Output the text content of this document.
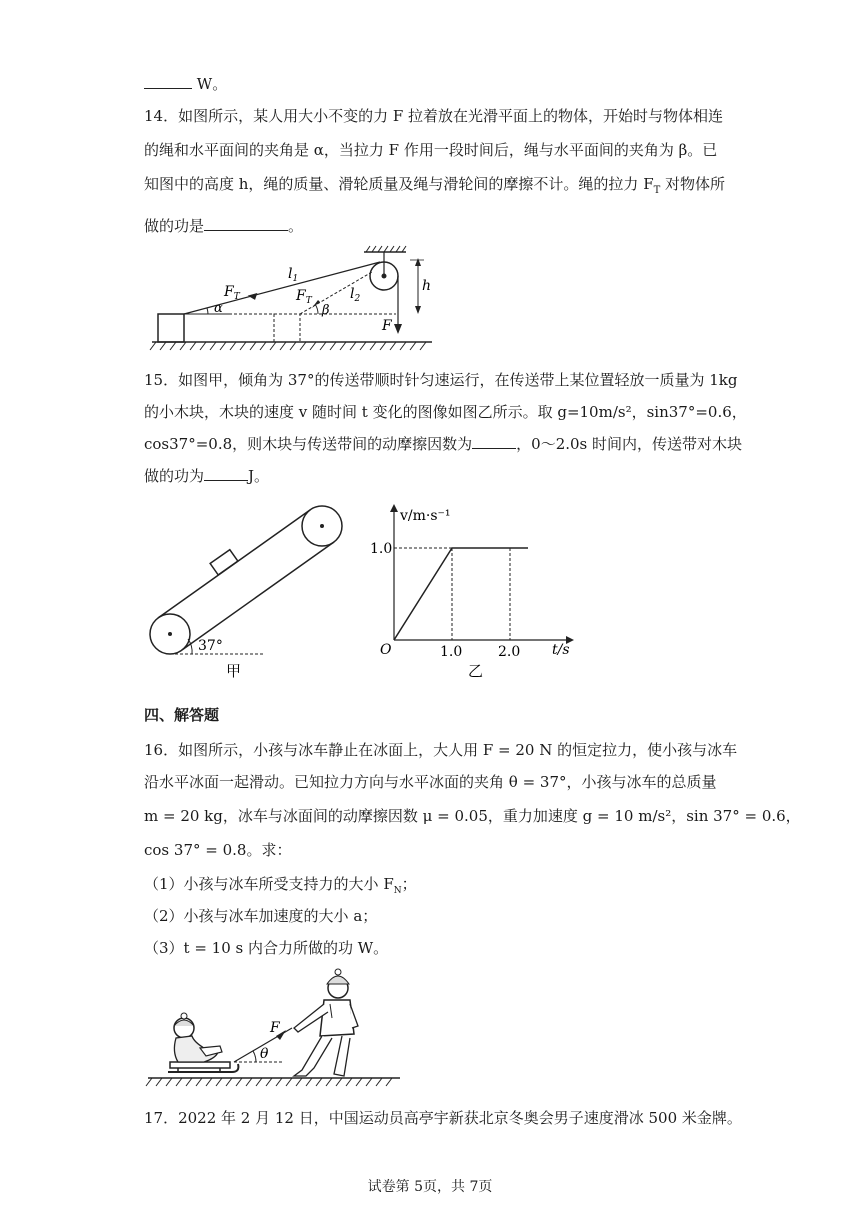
W。
14．如图所示，某人用大小不变的力 F 拉着放在光滑平面上的物体，开始时与物体相连
的绳和水平面间的夹角是 α，当拉力 F 作用一段时间后，绳与水平面间的夹角为 β。已
知图中的高度 h，绳的质量、滑轮质量及绳与滑轮间的摩擦不计。绳的拉力 $F_T$ 对物体所
做的功是	。
$F_T$
$l_1$
$F_T$	$l_2$
α	β
h
F
15．如图甲，倾角为 37°的传送带顺时针匀速运行，在传送带上某位置轻放一质量为 1kg
的小木块，木块的速度 v 随时间 t 变化的图像如图乙所示。取 g=10m/s²，sin37°=0.6，
cos37°=0.8，则木块与传送带间的动摩擦因数为	，0～2.0s 时间内，传送带对木块
做的功为	J。
37°
甲
1.0
1.0	2.0
v/m·s⁻¹
t/s
O
乙
四、解答题
16．如图所示，小孩与冰车静止在冰面上，大人用 F = 20 N 的恒定拉力，使小孩与冰车
沿水平冰面一起滑动。已知拉力方向与水平冰面的夹角 θ = 37°，小孩与冰车的总质量
m = 20 kg，冰车与冰面间的动摩擦因数 μ = 0.05，重力加速度 g = 10 m/s²，sin 37° = 0.6，
cos 37° = 0.8。求：
（1）小孩与冰车所受支持力的大小 $F_N$；
（2）小孩与冰车加速度的大小 a；
（3）t = 10 s 内合力所做的功 W。
θ
F
17．2022 年 2 月 12 日，中国运动员高亭宇新获北京冬奥会男子速度滑冰 500 米金牌。
试卷第 5页，共 7页
